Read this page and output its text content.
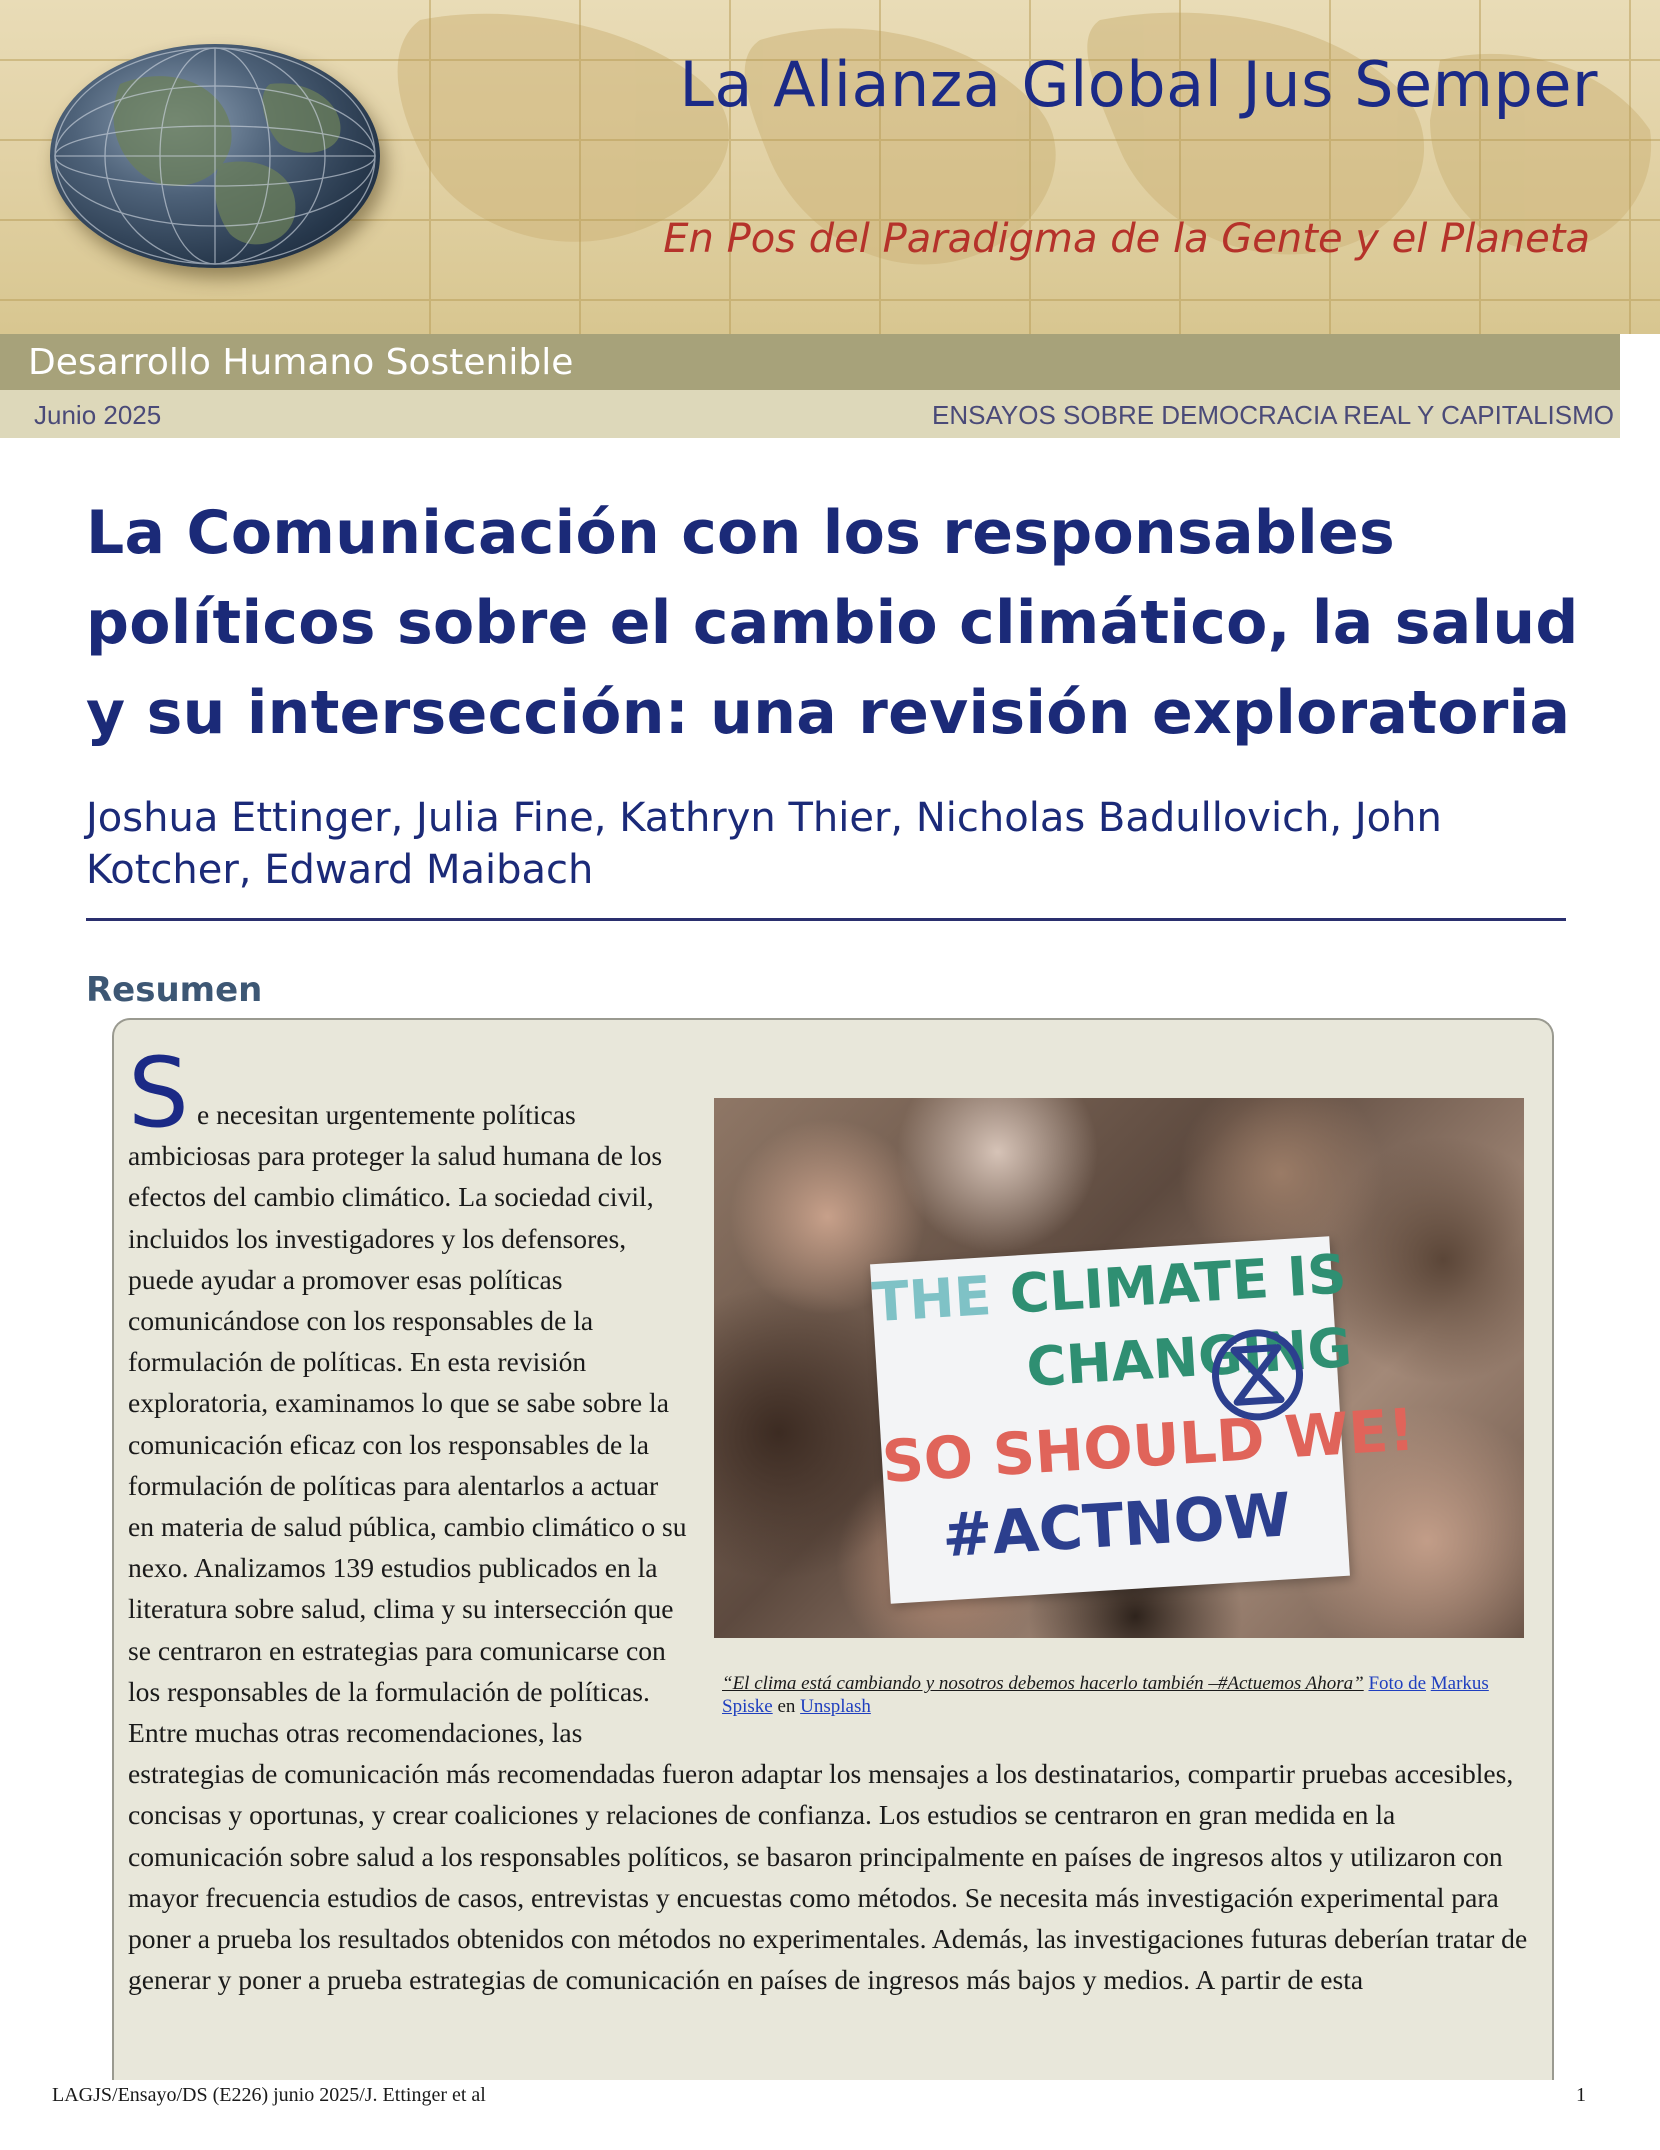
La Alianza Global Jus Semper
En Pos del Paradigma de la Gente y el Planeta
Desarrollo Humano Sostenible
Junio 2025	ENSAYOS SOBRE DEMOCRACIA REAL Y CAPITALISMO
La Comunicación con los responsables políticos sobre el cambio climático, la salud y su intersección: una revisión exploratoria
Joshua Ettinger, Julia Fine, Kathryn Thier, Nicholas Badullovich, John Kotcher, Edward Maibach
Resumen
S
THE CLIMATE IS
CHANGING
SO SHOULD WE!
#ACTNOW
“El clima está cambiando y nosotros debemos hacerlo también –#Actuemos Ahora” Foto de Markus Spiske en Unsplash
e necesitan urgentemente políticas ambiciosas para proteger la salud humana de los efectos del cambio climático. La sociedad civil, incluidos los investigadores y los defensores, puede ayudar a promover esas políticas comunicándose con los responsables de la formulación de políticas. En esta revisión exploratoria, examinamos lo que se sabe sobre la comunicación eficaz con los responsables de la formulación de políticas para alentarlos a actuar en materia de salud pública, cambio climático o su nexo. Analizamos 139 estudios publicados en la literatura sobre salud, clima y su intersección que se centraron en estrategias para comunicarse con los responsables de la formulación de políticas. Entre muchas otras recomendaciones, las estrategias de comunicación más recomendadas fueron adaptar los mensajes a los destinatarios, compartir pruebas accesibles, concisas y oportunas, y crear coaliciones y relaciones de confianza. Los estudios se centraron en gran medida en la comunicación sobre salud a los responsables políticos, se basaron principalmente en países de ingresos altos y utilizaron con mayor frecuencia estudios de casos, entrevistas y encuestas como métodos. Se necesita más investigación experimental para poner a prueba los resultados obtenidos con métodos no experimentales. Además, las investigaciones futuras deberían tratar de generar y poner a prueba estrategias de comunicación en países de ingresos más bajos y medios. A partir de esta
LAGJS/Ensayo/DS (E226) junio 2025/J. Ettinger et al	1
